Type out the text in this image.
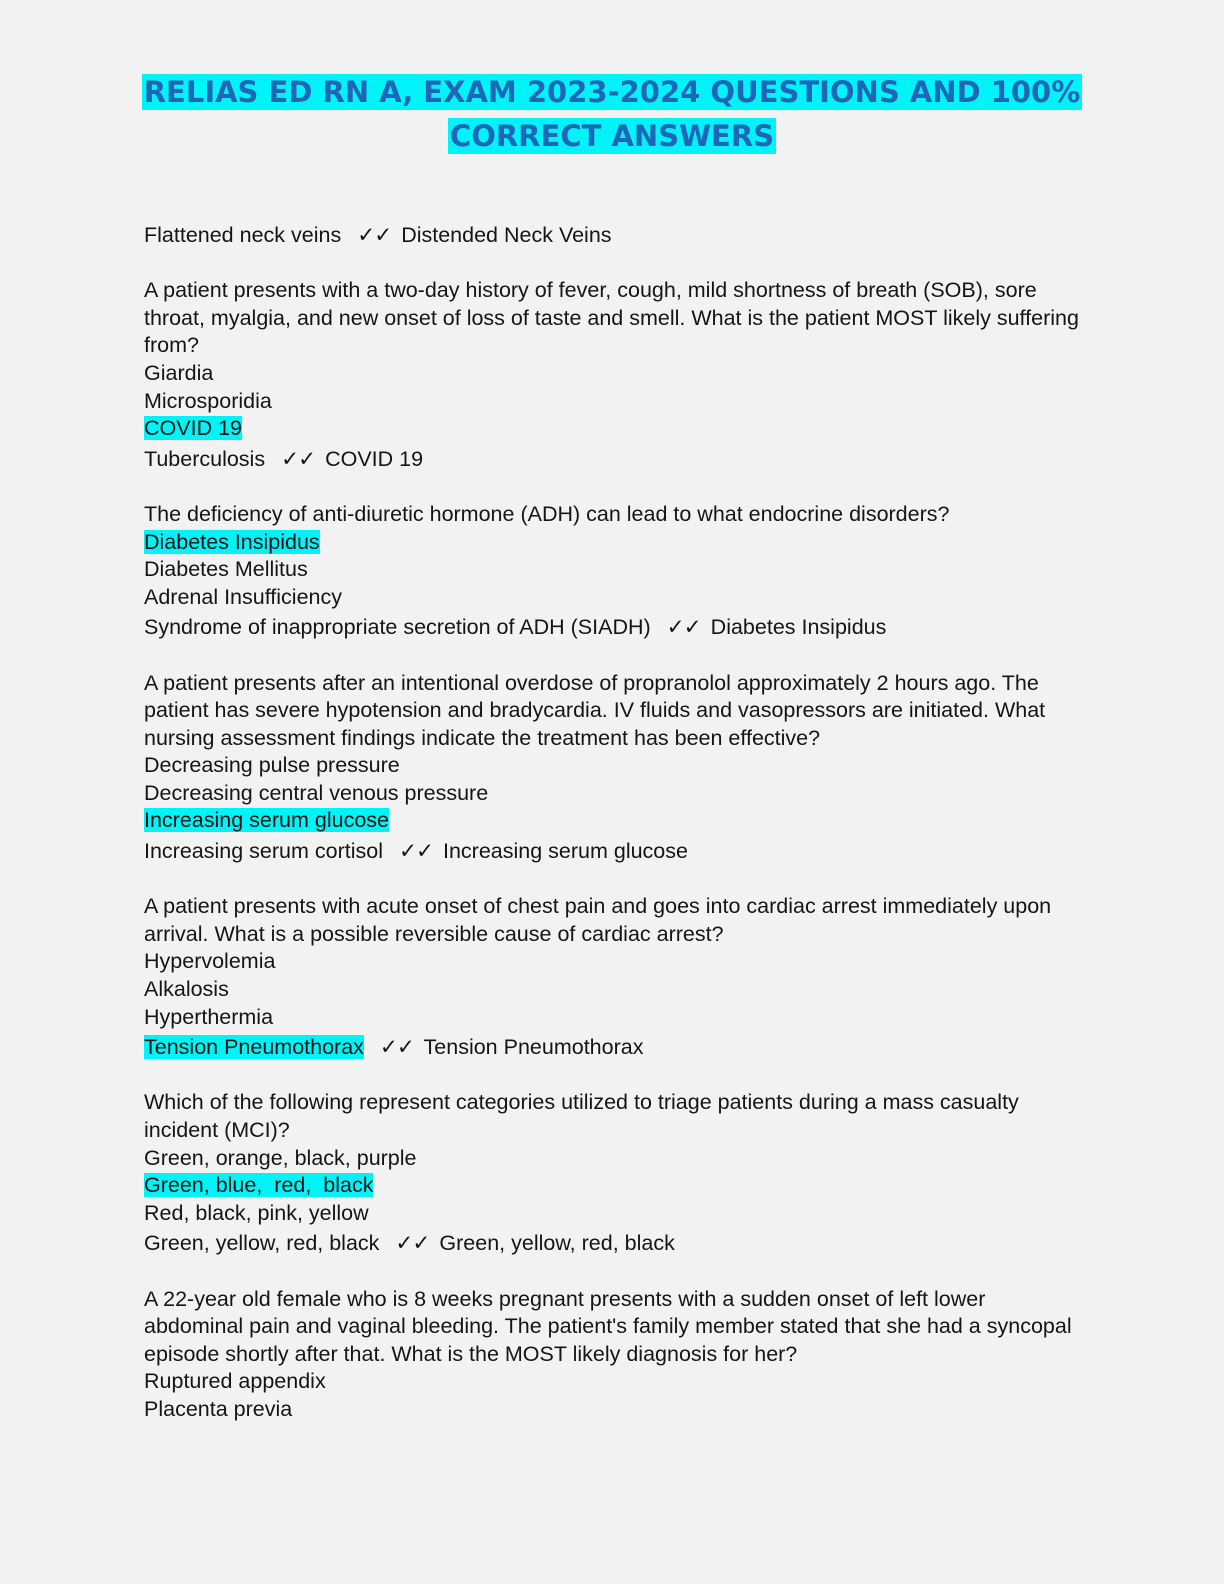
RELIAS ED RN A, EXAM 2023-2024 QUESTIONS AND 100%
CORRECT ANSWERS
Flattened neck veins ✓✓ Distended Neck Veins
A patient presents with a two-day history of fever, cough, mild shortness of breath (SOB), sore throat, myalgia, and new onset of loss of taste and smell. What is the patient MOST likely suffering from?
Giardia
Microsporidia
COVID 19
Tuberculosis ✓✓ COVID 19
The deficiency of anti-diuretic hormone (ADH) can lead to what endocrine disorders?
Diabetes Insipidus
Diabetes Mellitus
Adrenal Insufficiency
Syndrome of inappropriate secretion of ADH (SIADH) ✓✓ Diabetes Insipidus
A patient presents after an intentional overdose of propranolol approximately 2 hours ago. The patient has severe hypotension and bradycardia. IV fluids and vasopressors are initiated. What nursing assessment findings indicate the treatment has been effective?
Decreasing pulse pressure
Decreasing central venous pressure
Increasing serum glucose
Increasing serum cortisol ✓✓ Increasing serum glucose
A patient presents with acute onset of chest pain and goes into cardiac arrest immediately upon arrival. What is a possible reversible cause of cardiac arrest?
Hypervolemia
Alkalosis
Hyperthermia
Tension Pneumothorax ✓✓ Tension Pneumothorax
Which of the following represent categories utilized to triage patients during a mass casualty incident (MCI)?
Green, orange, black, purple
Green, blue,  red,  black
Red, black, pink, yellow
Green, yellow, red, black ✓✓ Green, yellow, red, black
A 22-year old female who is 8 weeks pregnant presents with a sudden onset of left lower abdominal pain and vaginal bleeding. The patient's family member stated that she had a syncopal episode shortly after that. What is the MOST likely diagnosis for her?
Ruptured appendix
Placenta previa
